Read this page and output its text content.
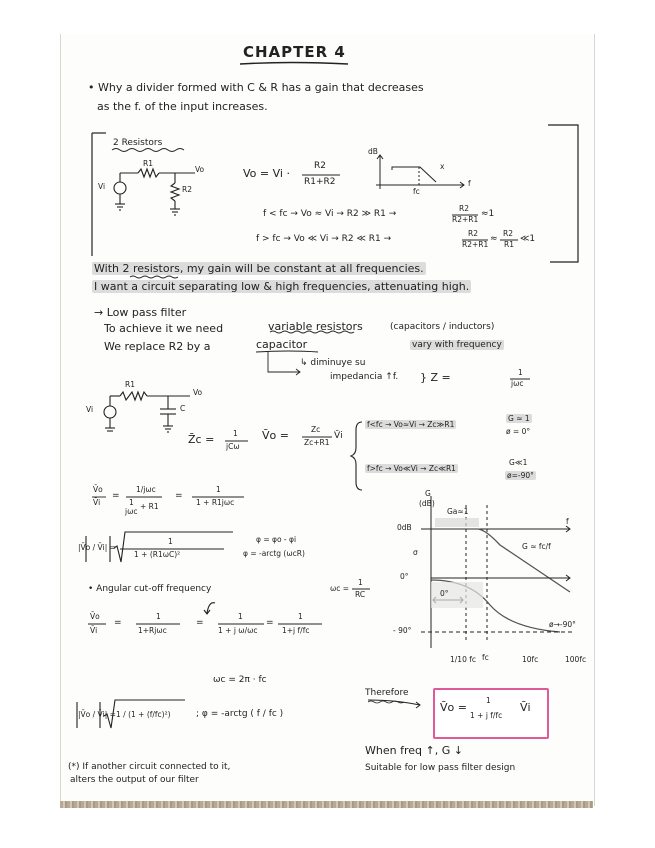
CHAPTER 4
• Why a divider formed with C & R has a gain that decreases
as the f. of the input increases.
2 Resistors
R1
Vo
Vi	R2
Vo = Vi ·
R2
R1+R2
dB
x
f
fc
f < fc → Vo ≈ Vi → R2 ≫ R1 →
R2
R2+R1
≈1
f > fc → Vo ≪ Vi → R2 ≪ R1 →
R2
R2+R1
≈
R2
R1
≪1
With 2 resistors, my gain will be constant at all frequencies.
I want a circuit separating low & high frequencies, attenuating high.
→ Low pass filter
To achieve it we need	variable resistors	(capacitors / inductors)
We replace R2 by a	capacitor	vary with frequency
↳ diminuye su
impedancia ↑f. } Z =	1
jωc
R1
Vo
Vi	C
Z̄c = 1
jCω
V̄o =	Zc
Zc+R1
V̄i
f<fc → Vo≈Vi → Zc≫R1
G ≈ 1
ø = 0°
f>fc → Vo≪Vi → Zc≪R1
G≪1
ø=-90°
V̄o
V̄i
=
1/jωc
1 + R1
jωc
=
1
1 + R1jωc
|V̄o / V̄i| =
1
1 + (R1ωC)²
φ = φo - φi
φ = -arctg (ωcR)
• Angular cut-off frequency	ωc =
1
RC
V̄o
V̄i
=
1
1+Rjωc
=
1
1 + j ω/ωc
=
1
1+j f/fc
ωc = 2π · fc
|V̄o / V̄i| = 1 / (1 + (f/fc)²)	; φ = -arctg ( f / fc )
(*) If another circuit connected to it,
alters the output of our filter
Therefore
V̄o =
1
1 + j f/fc
V̄i
When freq ↑, G ↓
Suitable for low pass filter design
G
(dB)
Ga≈1
0dB
σ
G ≈ fc/f
f
0°
0°
- 90°
ø→-90°
1/10 fc fc	10fc	100fc
